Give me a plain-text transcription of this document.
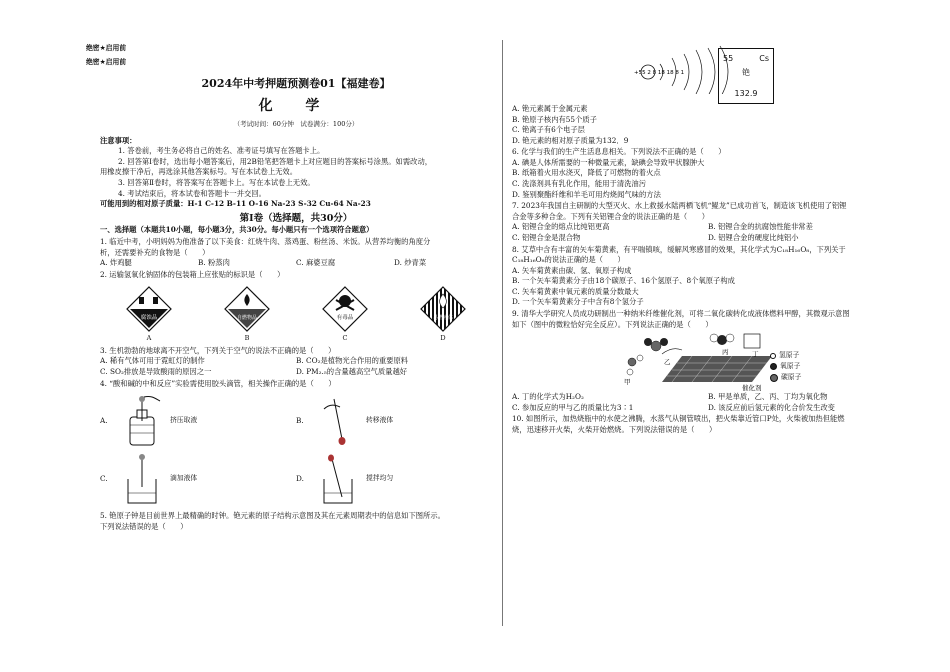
绝密★启用前
绝密★启用前
2024年中考押题预测卷01【福建卷】
化 学
（考试时间：60分钟　试卷满分：100分）
注意事项：
1. 答卷前，考生务必将自己的姓名、准考证号填写在答题卡上。
2. 回答第Ⅰ卷时，选出每小题答案后，用2B铅笔把答题卡上对应题目的答案标号涂黑。如需改动，
用橡皮擦干净后，再选涂其他答案标号。写在本试卷上无效。
3. 回答第Ⅱ卷时，将答案写在答题卡上。写在本试卷上无效。
4. 考试结束后，将本试卷和答题卡一并交回。
可能用到的相对原子质量：H-1 C-12 B-11 O-16 Na-23 S-32 Cu-64 Na-23
第Ⅰ卷（选择题，共30分）
一、选择题（本题共10小题，每小题3分，共30分。每小题只有一个选项符合题意）
1. 临近中考，小明妈妈为他准备了以下美食：红烧牛肉、蒸鸡蛋、粉丝汤、米饭。从营养均衡的角度分
析，还需要补充的食物是（　　）
A. 炸鸡腿	B. 粉蒸肉	C. 麻婆豆腐	D. 炒青菜
2. 运输氢氧化钠固体的包装箱上应张贴的标识是（　　）
腐蚀品
A
自燃物品
B
有毒品
C
易燃液体
D
3. 生机勃勃的地球离不开空气，下列关于空气的说法不正确的是（　　）
A. 稀有气体可用于霓虹灯的制作	B. CO₂是植物光合作用的重要原料
C. SO₂排放是导致酸雨的原因之一	D. PM₂.₅的含量越高空气质量越好
4. “酸和碱的中和反应”实验需使用胶头滴管，相关操作正确的是（　　）
A.	挤压取液	B.	转移液体
C.	滴加液体	D.	搅拌均匀
5. 铯原子钟是目前世界上最精确的时钟。铯元素的原子结构示意图及其在元素周期表中的信息如下图所示。
下列说法错误的是（　　）
+55 2 8 18 18 8 1
55	Cs
铯
132.9
A. 铯元素属于金属元素
B. 铯原子核内有55个质子
C. 铯离子有6个电子层
D. 铯元素的相对原子质量为132．9
6. 化学与我们的生产生活息息相关。下列说法不正确的是（　　）
A. 碘是人体所需要的一种微量元素，缺碘会导致甲状腺肿大
B. 纸箱着火用水浇灭，降低了可燃物的着火点
C. 洗涤剂具有乳化作用，能用于清洗油污
D. 鉴别聚酯纤维和羊毛可用灼烧闻气味的方法
7. 2023年我国自主研制的大型灭火、水上救援水陆两栖飞机“鲲龙”已成功首飞，制造该飞机使用了铝锂
合金等多种合金。下列有关铝锂合金的说法正确的是（　　）
A. 铝锂合金的熔点比纯铝更高	B. 铝锂合金的抗腐蚀性能非常差
C. 铝锂合金是混合物	D. 铝锂合金的硬度比纯铝小
8. 艾草中含有丰富的矢车菊黄素，有平喘镇咳，缓解风寒感冒的效果，其化学式为C₁₈H₁₆O₈，下列关于
C₁₈H₁₆O₈的说法正确的是（　　）
A. 矢车菊黄素由碳、氢、氧原子构成
B. 一个矢车菊黄素分子由18个碳原子、16个氢原子、8个氧原子构成
C. 矢车菊黄素中氧元素的质量分数最大
D. 一个矢车菊黄素分子中含有8个氢分子
9. 清华大学研究人员成功研制出一种纳米纤维催化剂，可将二氧化碳转化成液体燃料甲醇，其微观示意图
如下（图中的微粒恰好完全反应）。下列说法正确的是（　　）
甲
乙
丙	丁
催化剂
氢原子
氧原子
碳原子
A. 丁的化学式为H₂O₂	B. 甲是单质，乙、丙、丁均为氧化物
C. 参加反应的甲与乙的质量比为3∶1	D. 该反应前后氢元素的化合价发生改变
10. 如图所示，加热烧瓶中的水使之沸腾，水蒸气从铜管喷出，把火柴靠近管口P处，火柴被加热但能燃
烧，迅速移开火柴，火柴开始燃烧。下列说法错误的是（　　）
